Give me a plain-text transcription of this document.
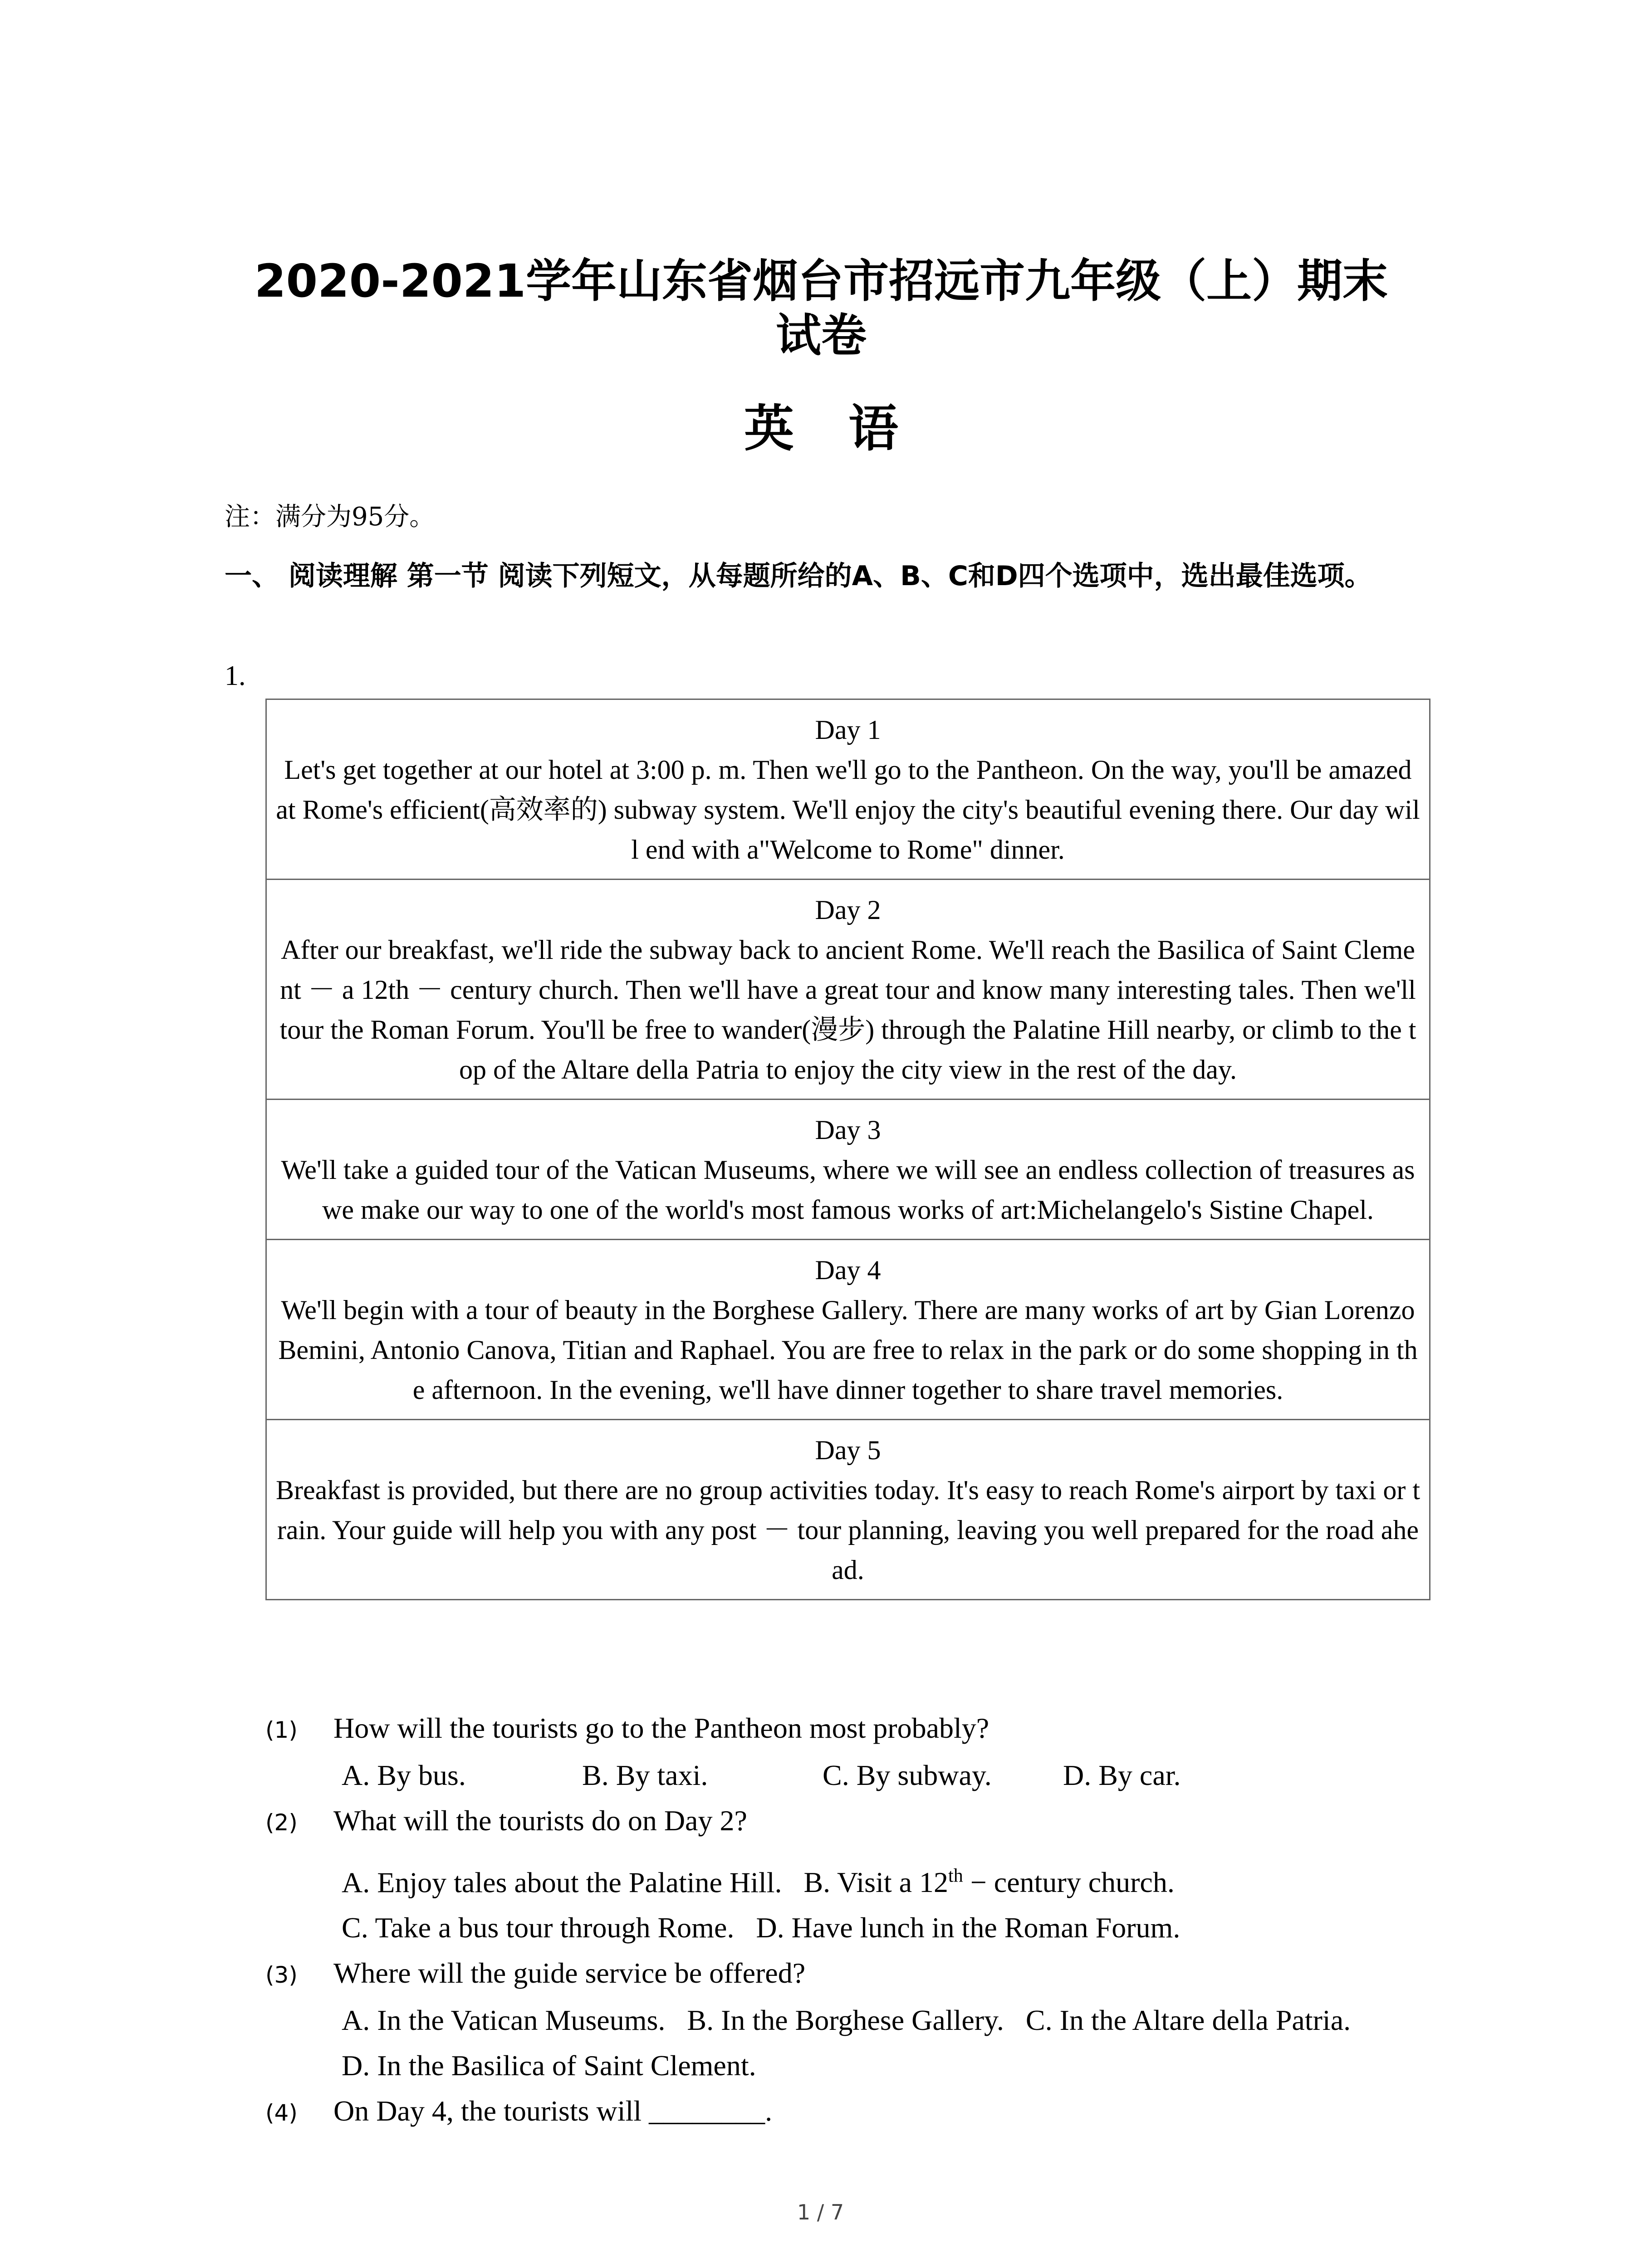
2020-2021学年山东省烟台市招远市九年级（上）期末
试卷
英语
注：满分为95分。
一、 阅读理解 第一节 阅读下列短文，从每题所给的A、B、C和D四个选项中，选出最佳选项。
1.
Day 1
Let's get together at our hotel at 3:00 p. m. Then we'll go to the Pantheon. On the way, you'll be amazed at Rome's efficient(高效率的) subway system. We'll enjoy the city's beautiful evening there. Our day will end with a"Welcome to Rome" dinner.

Day 2
After our breakfast, we'll ride the subway back to ancient Rome. We'll reach the Basilica of Saint Clement － a 12th － century church. Then we'll have a great tour and know many interesting tales. Then we'll tour the Roman Forum. You'll be free to wander(漫步) through the Palatine Hill nearby, or climb to the top of the Altare della Patria to enjoy the city view in the rest of the day.

Day 3
We'll take a guided tour of the Vatican Museums, where we will see an endless collection of treasures as we make our way to one of the world's most famous works of art:Michelangelo's Sistine Chapel.

Day 4
We'll begin with a tour of beauty in the Borghese Gallery. There are many works of art by Gian Lorenzo Bemini, Antonio Canova, Titian and Raphael. You are free to relax in the park or do some shopping in the afternoon. In the evening, we'll have dinner together to share travel memories.

Day 5
Breakfast is provided, but there are no group activities today. It's easy to reach Rome's airport by taxi or train. Your guide will help you with any post － tour planning, leaving you well prepared for the road ahead.
(1)	How will the tourists go to the Pantheon most probably?
A. By bus.	B. By taxi.	C. By subway. D. By car.
(2)	What will the tourists do on Day 2?
A. Enjoy tales about the Palatine Hill. B. Visit a 12th − century church.
C. Take a bus tour through Rome.   D. Have lunch in the Roman Forum.
(3)	Where will the guide service be offered?
A. In the Vatican Museums.   B. In the Borghese Gallery.   C. In the Altare della Patria.
D. In the Basilica of Saint Clement.
(4)	On Day 4, the tourists will ________.
1 / 7
